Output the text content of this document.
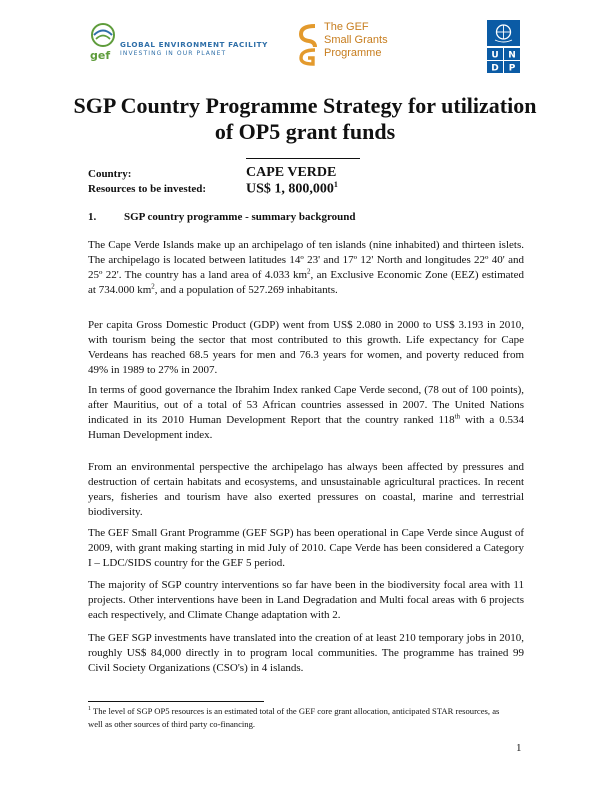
gef
GLOBAL ENVIRONMENT FACILITY
INVESTING IN OUR PLANET
The GEF
Small Grants
Programme	U N
D P
SGP Country Programme Strategy for utilization
of OP5 grant funds
Country:	CAPE VERDE
Resources to be invested:	US$ 1, 800,000$^1$
1.	SGP country programme - summary background

The Cape Verde Islands make up an archipelago of ten islands (nine inhabited) and thirteen islets. The archipelago is located between latitudes 14º 23' and 17º 12' North and longitudes 22º 40' and 25º 22'. The country has a land area of 4.033 $km^2$, an Exclusive Economic Zone (EEZ) estimated at 734.000 $km^2$, and a population of 527.269 inhabitants.

Per capita Gross Domestic Product (GDP) went from US$ 2.080 in 2000 to US$ 3.193 in 2010, with tourism being the sector that most contributed to this growth. Life expectancy for Cape Verdeans has reached 68.5 years for men and 76.3 years for women, and poverty reduced from 49% in 1989 to 27% in 2007.

In terms of good governance the Ibrahim Index ranked Cape Verde second, (78 out of 100 points), after Mauritius, out of a total of 53 African countries assessed in 2007. The United Nations indicated in its 2010 Human Development Report that the country ranked 118th with a 0.534 Human Development index.

From an environmental perspective the archipelago has always been affected by pressures and destruction of certain habitats and ecosystems, and unsustainable agricultural practices. In recent years, fisheries and tourism have also exerted pressures on coastal, marine and terrestrial biodiversity.

The GEF Small Grant Programme (GEF SGP) has been operational in Cape Verde since August of 2009, with grant making starting in mid July of 2010. Cape Verde has been considered a Category I – LDC/SIDS country for the GEF 5 period.

The majority of SGP country interventions so far have been in the biodiversity focal area with 11 projects. Other interventions have been in Land Degradation and Multi focal areas with 6 projects each respectively, and Climate Change adaptation with 2.

The GEF SGP investments have translated into the creation of at least 210 temporary jobs in 2010, roughly US$ 84,000 directly in to program local communities. The programme has trained 99 Civil Society Organizations (CSO's) in 4 islands.

$^1$ The level of SGP OP5 resources is an estimated total of the GEF core grant allocation, anticipated STAR resources, as well as other sources of third party co-financing.

1
